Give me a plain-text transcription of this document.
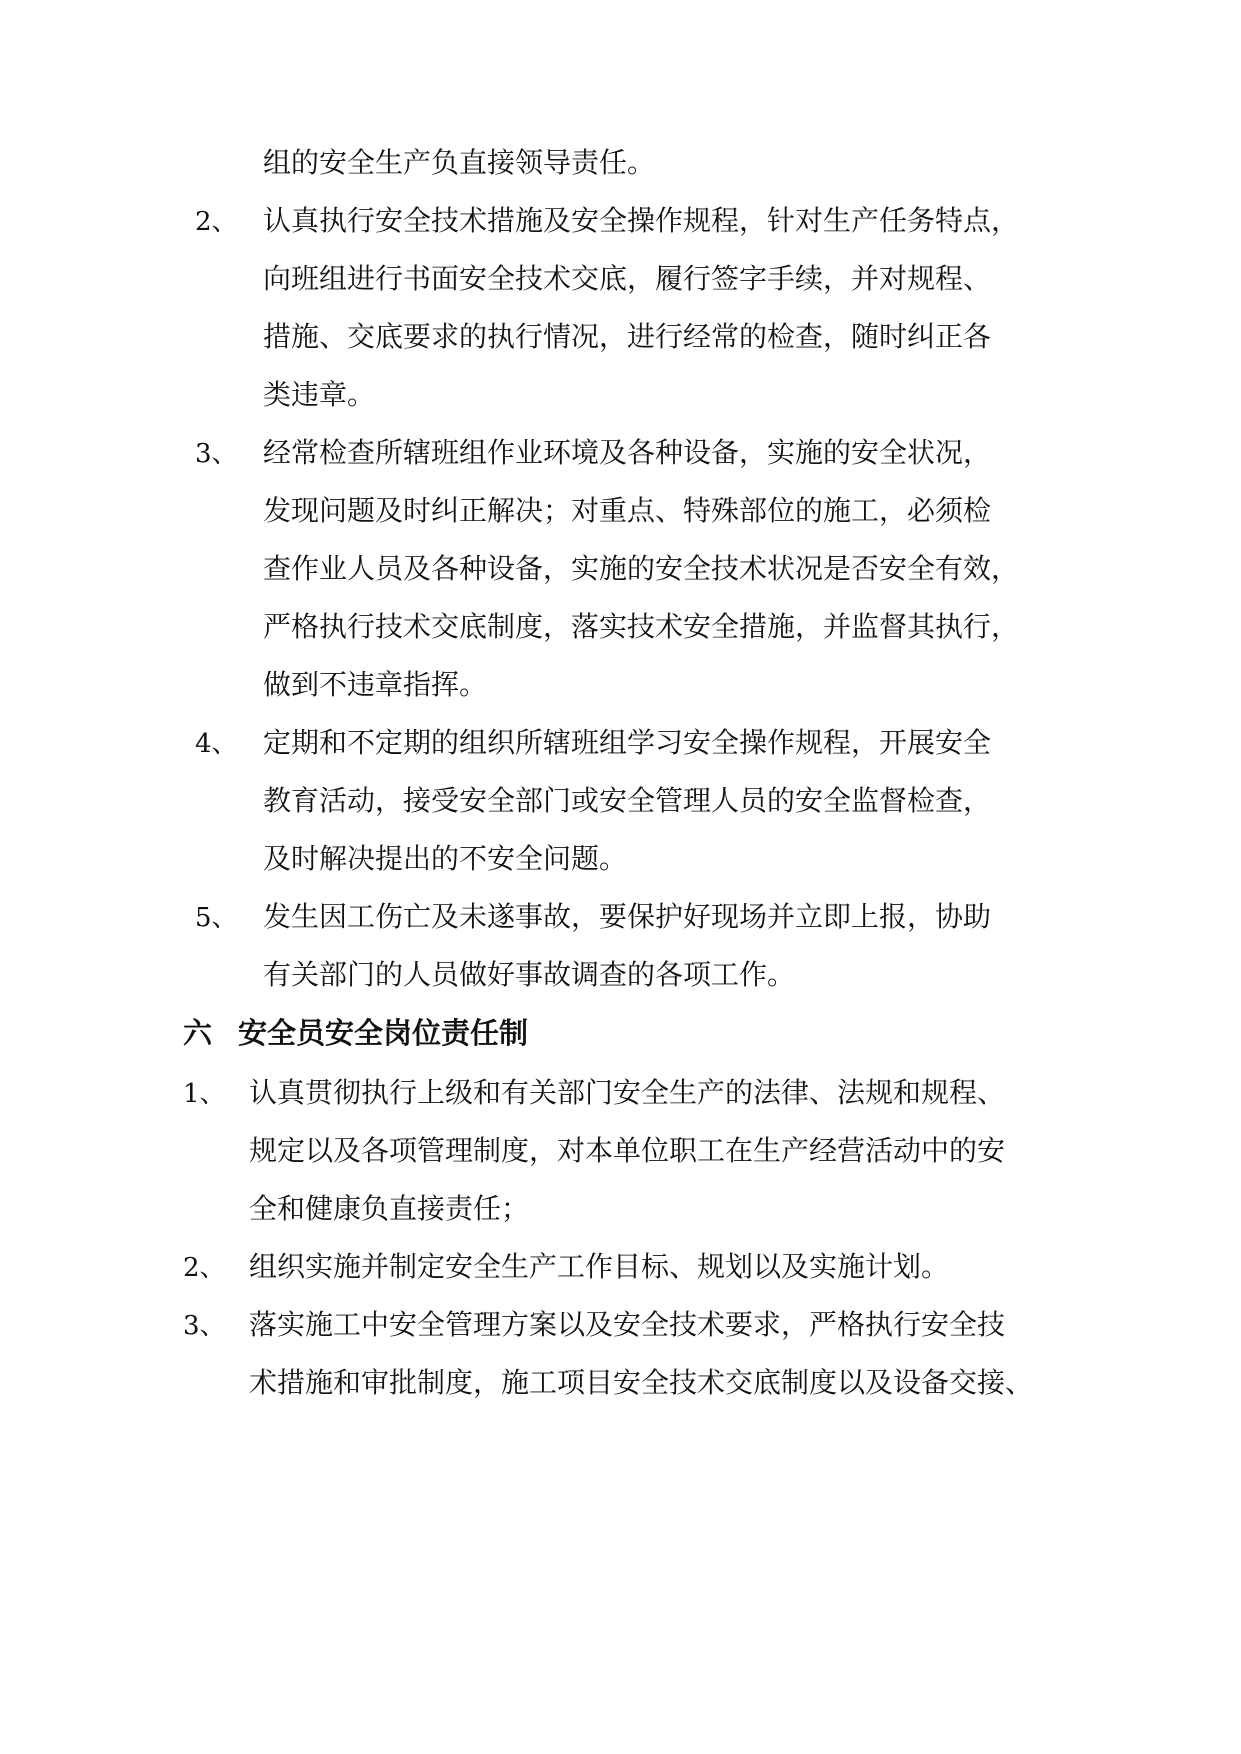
组的安全生产负直接领导责任。
2、 认真执行安全技术措施及安全操作规程，针对生产任务特点，
向班组进行书面安全技术交底，履行签字手续，并对规程、
措施、交底要求的执行情况，进行经常的检查，随时纠正各
类违章。
3、 经常检查所辖班组作业环境及各种设备，实施的安全状况，
发现问题及时纠正解决；对重点、特殊部位的施工，必须检
查作业人员及各种设备，实施的安全技术状况是否安全有效，
严格执行技术交底制度，落实技术安全措施，并监督其执行，
做到不违章指挥。
4、 定期和不定期的组织所辖班组学习安全操作规程，开展安全
教育活动，接受安全部门或安全管理人员的安全监督检查，
及时解决提出的不安全问题。
5、 发生因工伤亡及未遂事故，要保护好现场并立即上报，协助
有关部门的人员做好事故调查的各项工作。
六 安全员安全岗位责任制
1、 认真贯彻执行上级和有关部门安全生产的法律、法规和规程、
规定以及各项管理制度，对本单位职工在生产经营活动中的安
全和健康负直接责任；
2、 组织实施并制定安全生产工作目标、规划以及实施计划。
3、 落实施工中安全管理方案以及安全技术要求，严格执行安全技
术措施和审批制度，施工项目安全技术交底制度以及设备交接、
